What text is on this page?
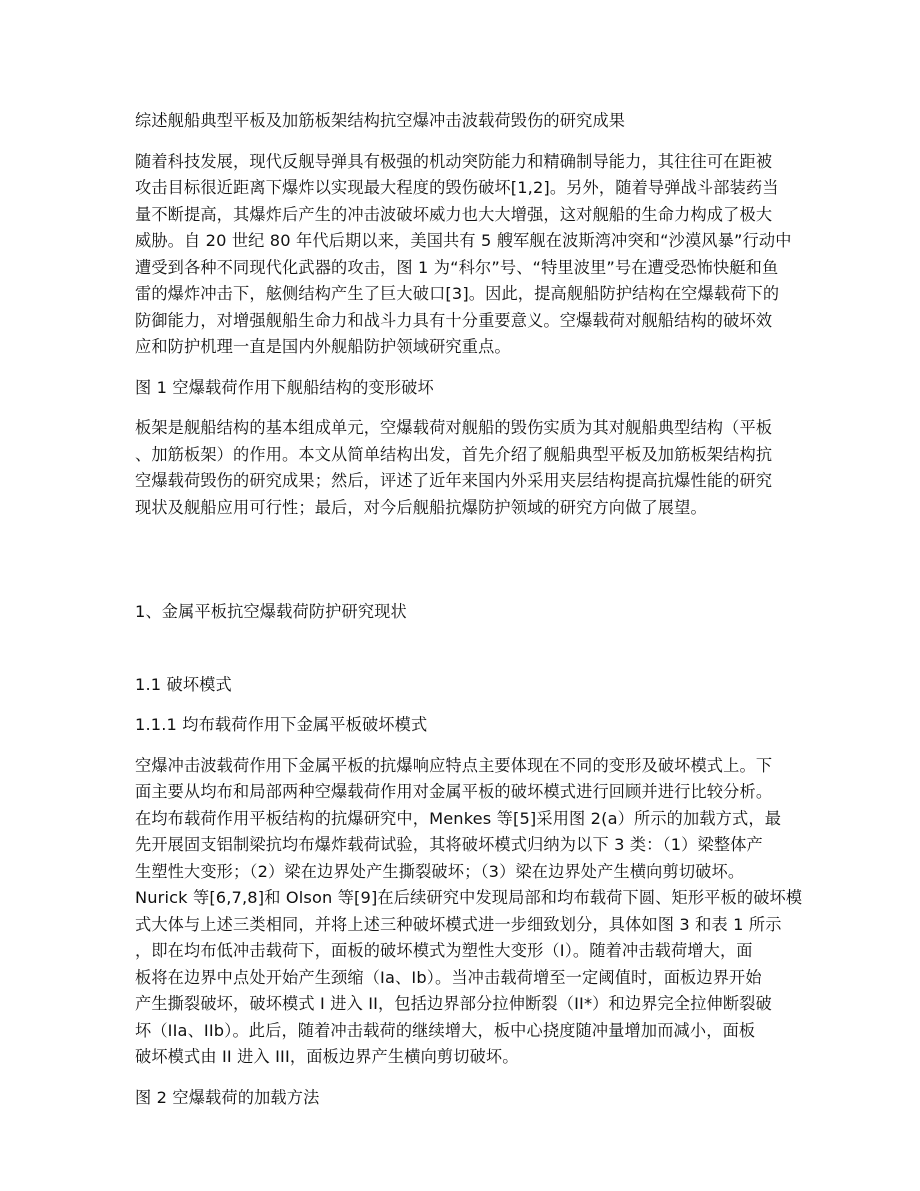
综述舰船典型平板及加筋板架结构抗空爆冲击波载荷毁伤的研究成果

随着科技发展，现代反舰导弹具有极强的机动突防能力和精确制导能力，其往往可在距被
攻击目标很近距离下爆炸以实现最大程度的毁伤破坏[1,2]。另外，随着导弹战斗部装药当
量不断提高，其爆炸后产生的冲击波破坏威力也大大增强，这对舰船的生命力构成了极大
威胁。自 20 世纪 80 年代后期以来，美国共有 5 艘军舰在波斯湾冲突和“沙漠风暴”行动中
遭受到各种不同现代化武器的攻击，图 1 为“科尔”号、“特里波里”号在遭受恐怖快艇和鱼
雷的爆炸冲击下，舷侧结构产生了巨大破口[3]。因此，提高舰船防护结构在空爆载荷下的
防御能力，对增强舰船生命力和战斗力具有十分重要意义。空爆载荷对舰船结构的破坏效
应和防护机理一直是国内外舰船防护领域研究重点。

图 1 空爆载荷作用下舰船结构的变形破坏

板架是舰船结构的基本组成单元，空爆载荷对舰船的毁伤实质为其对舰船典型结构（平板
、加筋板架）的作用。本文从简单结构出发，首先介绍了舰船典型平板及加筋板架结构抗
空爆载荷毁伤的研究成果；然后，评述了近年来国内外采用夹层结构提高抗爆性能的研究
现状及舰船应用可行性；最后，对今后舰船抗爆防护领域的研究方向做了展望。

1、金属平板抗空爆载荷防护研究现状
1.1 破坏模式
1.1.1 均布载荷作用下金属平板破坏模式

空爆冲击波载荷作用下金属平板的抗爆响应特点主要体现在不同的变形及破坏模式上。下
面主要从均布和局部两种空爆载荷作用对金属平板的破坏模式进行回顾并进行比较分析。
在均布载荷作用平板结构的抗爆研究中，Menkes 等[5]采用图 2(a）所示的加载方式，最
先开展固支铝制梁抗均布爆炸载荷试验，其将破坏模式归纳为以下 3 类：（1）梁整体产
生塑性大变形；（2）梁在边界处产生撕裂破坏；（3）梁在边界处产生横向剪切破坏。
Nurick 等[6,7,8]和 Olson 等[9]在后续研究中发现局部和均布载荷下圆、矩形平板的破坏模
式大体与上述三类相同，并将上述三种破坏模式进一步细致划分，具体如图 3 和表 1 所示
，即在均布低冲击载荷下，面板的破坏模式为塑性大变形（I）。随着冲击载荷增大，面
板将在边界中点处开始产生颈缩（Ia、Ib）。当冲击载荷增至一定阈值时，面板边界开始
产生撕裂破坏，破坏模式 I 进入 II，包括边界部分拉伸断裂（II*）和边界完全拉伸断裂破
坏（IIa、IIb）。此后，随着冲击载荷的继续增大，板中心挠度随冲量增加而减小，面板
破坏模式由 II 进入 III，面板边界产生横向剪切破坏。

图 2 空爆载荷的加载方法
